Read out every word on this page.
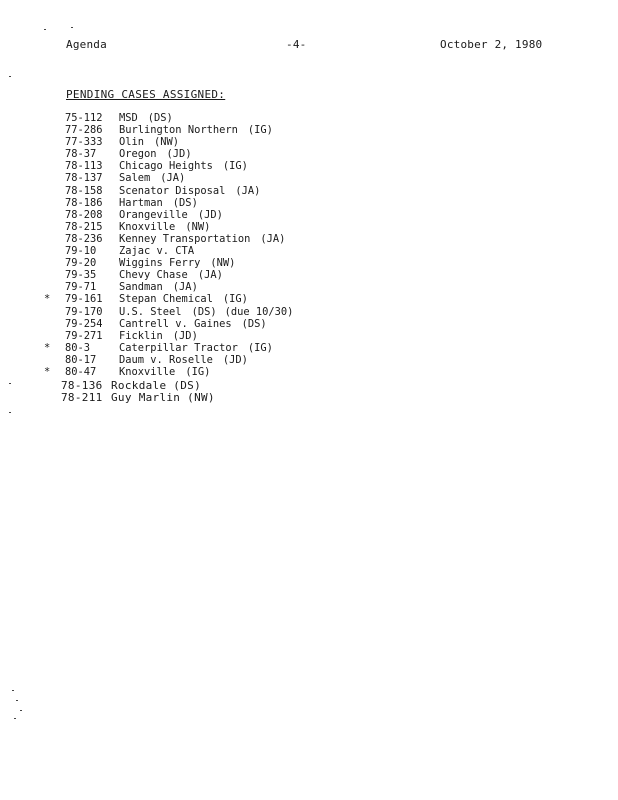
Agenda	-4-	October 2, 1980
PENDING CASES ASSIGNED:
75-112	MSD (DS)
77-286	Burlington Northern (IG)
77-333	Olin (NW)
78-37	Oregon (JD)
78-113	Chicago Heights (IG)
78-137	Salem (JA)
78-158	Scenator Disposal (JA)
78-186	Hartman (DS)
78-208	Orangeville (JD)
78-215	Knoxville (NW)
78-236	Kenney Transportation (JA)
79-10	Zajac v. CTA
79-20	Wiggins Ferry (NW)
79-35	Chevy Chase (JA)
79-71	Sandman (JA)
*	79-161	Stepan Chemical (IG)
79-170	U.S. Steel (DS) (due 10/30)
79-254	Cantrell v. Gaines (DS)
79-271	Ficklin (JD)
*	80-3	Caterpillar Tractor (IG)
80-17	Daum v. Roselle (JD)
*	80-47	Knoxville (IG)
78-136 Rockdale (DS)
78-211 Guy Marlin (NW)
